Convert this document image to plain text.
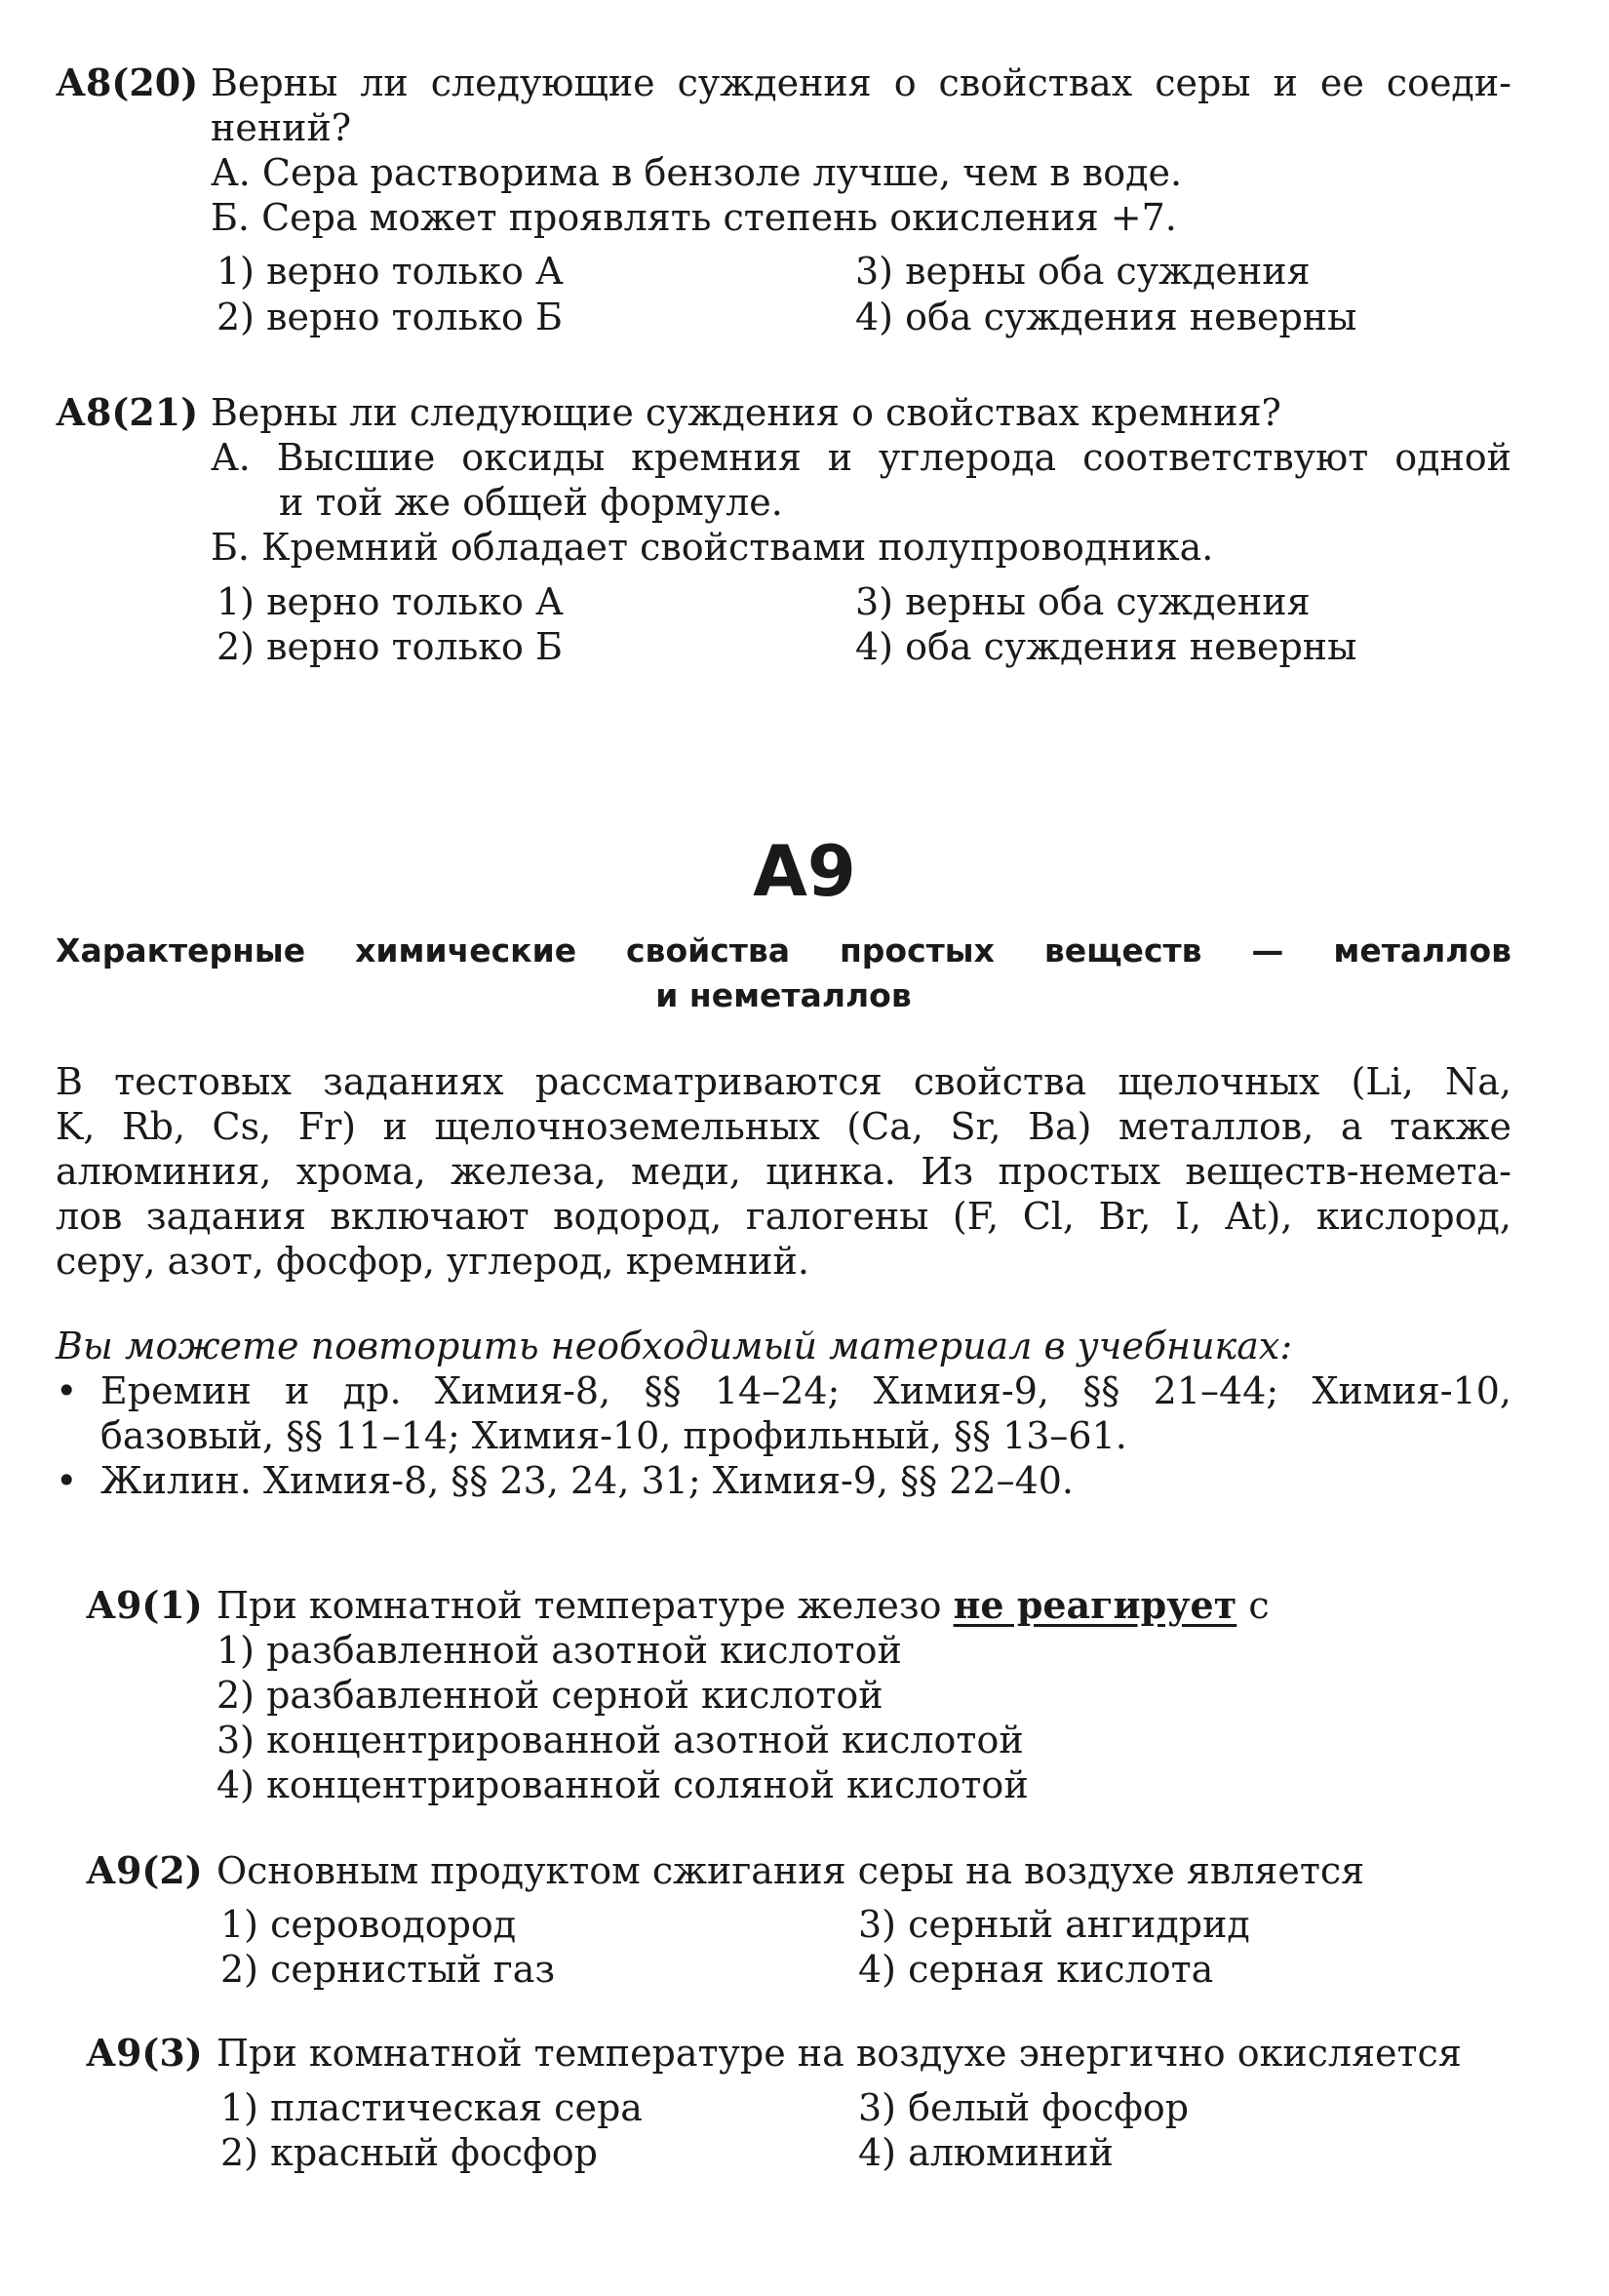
А8(20) Верны ли следующие суждения о свойствах серы и ее соеди-
нений?
А. Сера растворима в бензоле лучше, чем в воде.
Б. Сера может проявлять степень окисления +7.
1) верно только А
2) верно только Б
3) верны оба суждения
4) оба суждения неверны
А8(21) Верны ли следующие суждения о свойствах кремния?
А. Высшие оксиды кремния и углерода соответствуют одной
и той же общей формуле.
Б. Кремний обладает свойствами полупроводника.
1) верно только А
2) верно только Б
3) верны оба суждения
4) оба суждения неверны
А9
Характерные химические свойства простых веществ — металлов
и неметаллов
В тестовых заданиях рассматриваются свойства щелочных (Li, Na,
K, Rb, Cs, Fr) и щелочноземельных (Ca, Sr, Ba) металлов, а также
алюминия, хрома, железа, меди, цинка. Из простых веществ-немета-
лов задания включают водород, галогены (F, Cl, Br, I, At), кислород,
серу, азот, фосфор, углерод, кремний.
Вы можете повторить необходимый материал в учебниках:
• Еремин и др. Химия-8, §§ 14–24; Химия-9, §§ 21–44; Химия-10,
базовый, §§ 11–14; Химия-10, профильный, §§ 13–61.
• Жилин. Химия-8, §§ 23, 24, 31; Химия-9, §§ 22–40.
А9(1) При комнатной температуре железо не реагирует с
1) разбавленной азотной кислотой
2) разбавленной серной кислотой
3) концентрированной азотной кислотой
4) концентрированной соляной кислотой
А9(2) Основным продуктом сжигания серы на воздухе является
1) сероводород
2) сернистый газ
3) серный ангидрид
4) серная кислота
А9(3) При комнатной температуре на воздухе энергично окисляется
1) пластическая сера
2) красный фосфор
3) белый фосфор
4) алюминий
